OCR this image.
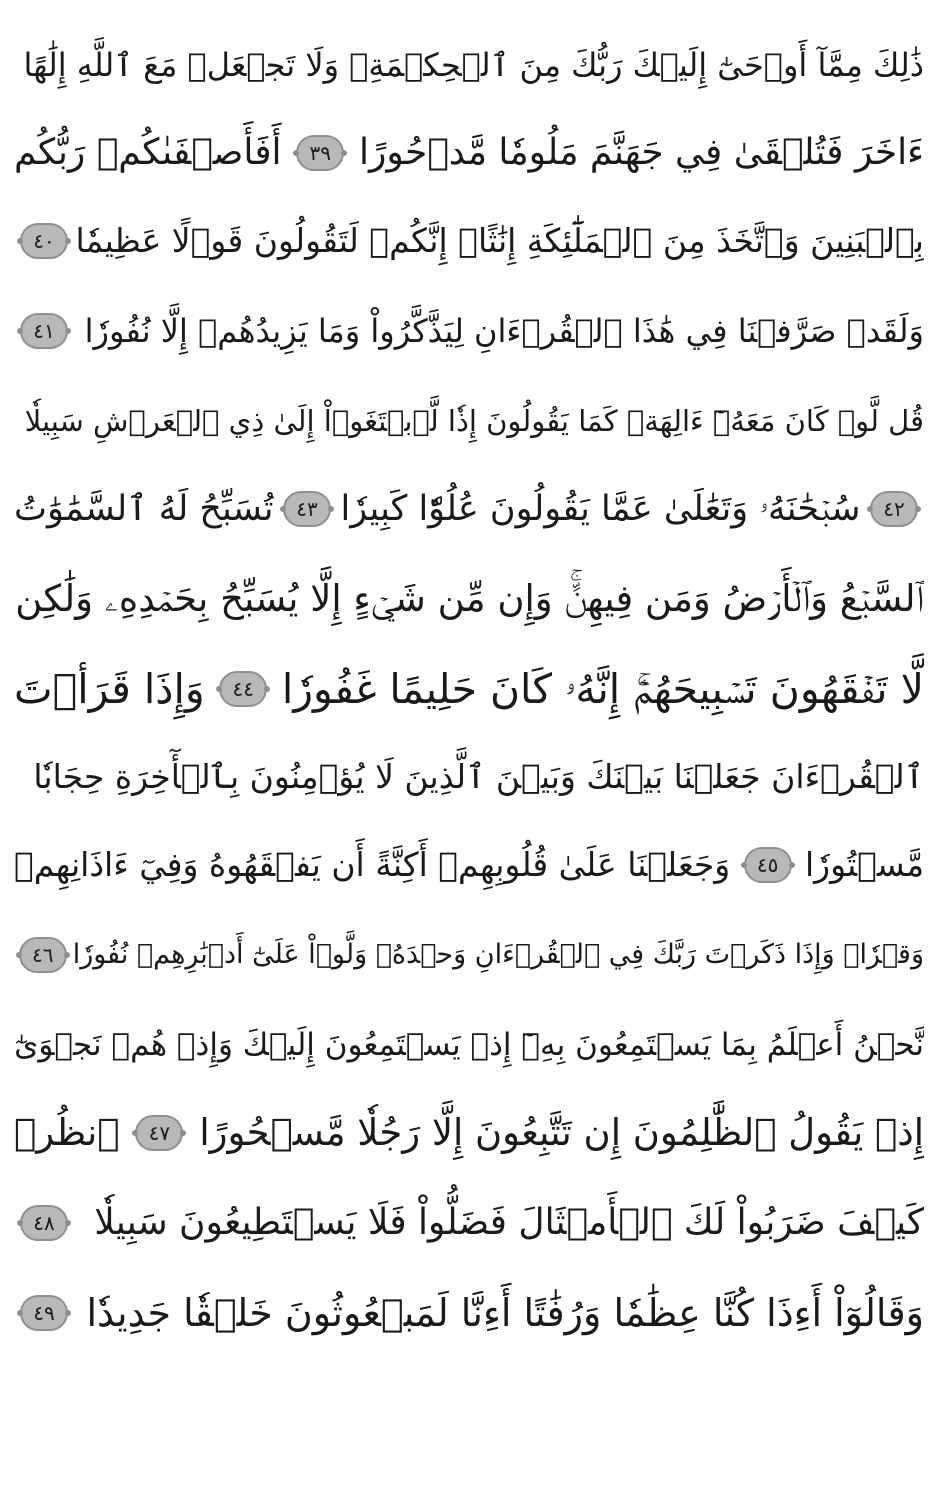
ذَٰلِكَ مِمَّآ أَوۡحَىٰٓ إِلَيۡكَ رَبُّكَ مِنَ ٱلۡحِكۡمَةِۗ وَلَا تَجۡعَلۡ مَعَ ٱللَّهِ إِلَٰهًا
ءَاخَرَ فَتُلۡقَىٰ فِي جَهَنَّمَ مَلُومٗا مَّدۡحُورًا
٣٩
أَفَأَصۡفَىٰكُمۡ رَبُّكُم
بِٱلۡبَنِينَ وَٱتَّخَذَ مِنَ ٱلۡمَلَٰٓئِكَةِ إِنَٰثًاۚ إِنَّكُمۡ لَتَقُولُونَ قَوۡلًا عَظِيمٗا
٤٠
وَلَقَدۡ صَرَّفۡنَا فِي هَٰذَا ٱلۡقُرۡءَانِ لِيَذَّكَّرُواْ وَمَا يَزِيدُهُمۡ إِلَّا نُفُورٗا
٤١
قُل لَّوۡ كَانَ مَعَهُۥٓ ءَالِهَةٞ كَمَا يَقُولُونَ إِذٗا لَّٱبۡتَغَوۡاْ إِلَىٰ ذِي ٱلۡعَرۡشِ سَبِيلٗا
٤٢
سُبۡحَٰنَهُۥ وَتَعَٰلَىٰ عَمَّا يَقُولُونَ عُلُوّٗا كَبِيرٗا
٤٣
تُسَبِّحُ لَهُ ٱلسَّمَٰوَٰتُ
ٱلسَّبۡعُ وَٱلۡأَرۡضُ وَمَن فِيهِنَّۚ وَإِن مِّن شَيۡءٍ إِلَّا يُسَبِّحُ بِحَمۡدِهِۦ وَلَٰكِن
لَّا تَفۡقَهُونَ تَسۡبِيحَهُمۡۚ إِنَّهُۥ كَانَ حَلِيمًا غَفُورٗا
٤٤
وَإِذَا قَرَأۡتَ
ٱلۡقُرۡءَانَ جَعَلۡنَا بَيۡنَكَ وَبَيۡنَ ٱلَّذِينَ لَا يُؤۡمِنُونَ بِٱلۡأٓخِرَةِ حِجَابٗا
مَّسۡتُورٗا
٤٥
وَجَعَلۡنَا عَلَىٰ قُلُوبِهِمۡ أَكِنَّةً أَن يَفۡقَهُوهُ وَفِيٓ ءَاذَانِهِمۡ
وَقۡرٗاۚ وَإِذَا ذَكَرۡتَ رَبَّكَ فِي ٱلۡقُرۡءَانِ وَحۡدَهُۥ وَلَّوۡاْ عَلَىٰٓ أَدۡبَٰرِهِمۡ نُفُورٗا
٤٦
نَّحۡنُ أَعۡلَمُ بِمَا يَسۡتَمِعُونَ بِهِۦٓ إِذۡ يَسۡتَمِعُونَ إِلَيۡكَ وَإِذۡ هُمۡ نَجۡوَىٰٓ
إِذۡ يَقُولُ ٱلظَّٰلِمُونَ إِن تَتَّبِعُونَ إِلَّا رَجُلٗا مَّسۡحُورًا
٤٧
ٱنظُرۡ
كَيۡفَ ضَرَبُواْ لَكَ ٱلۡأَمۡثَالَ فَضَلُّواْ فَلَا يَسۡتَطِيعُونَ سَبِيلٗا
٤٨
وَقَالُوٓاْ أَءِذَا كُنَّا عِظَٰمٗا وَرُفَٰتًا أَءِنَّا لَمَبۡعُوثُونَ خَلۡقٗا جَدِيدٗا
٤٩
